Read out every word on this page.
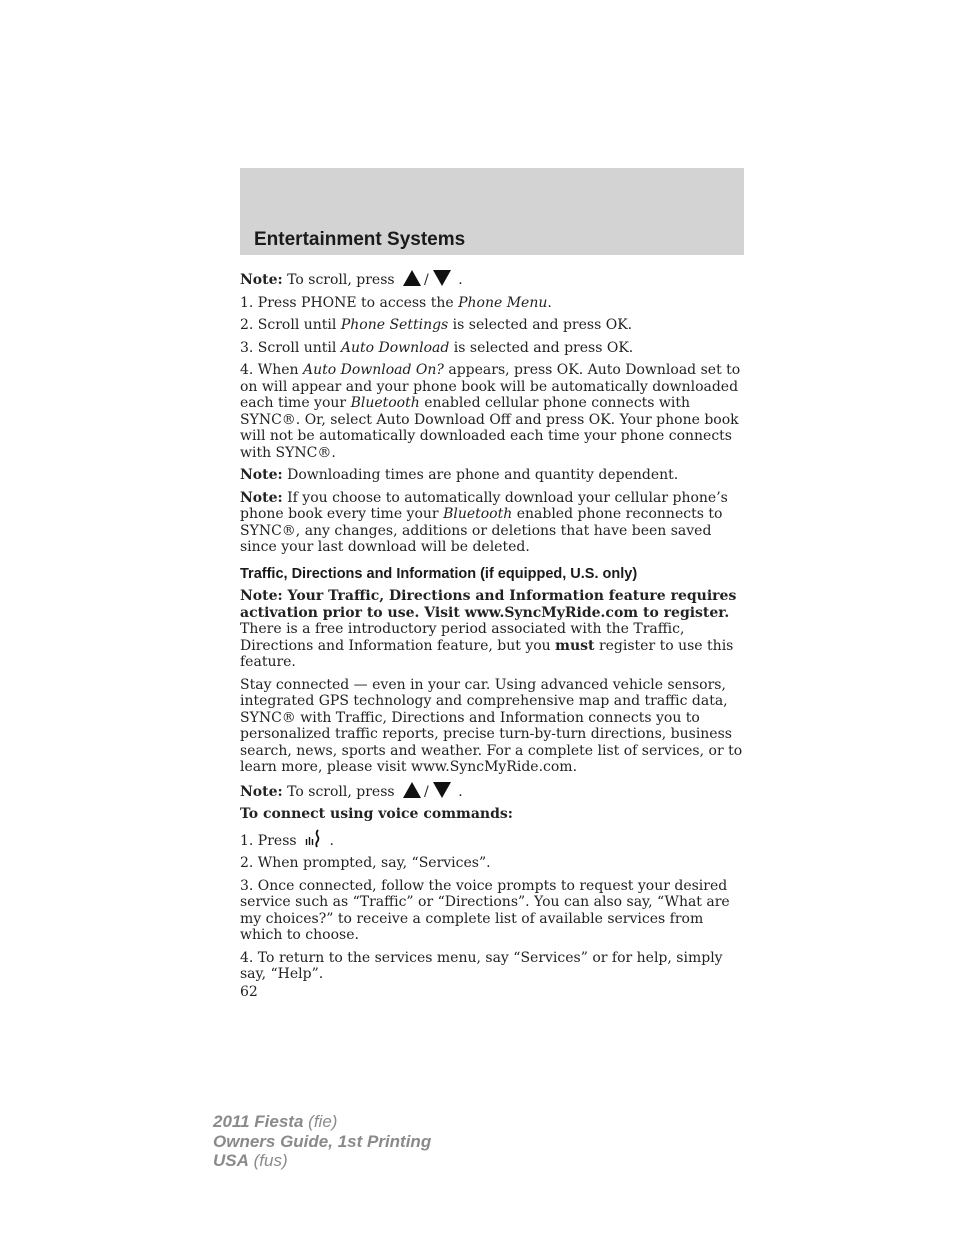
Entertainment Systems

Note: To scroll, press / .

1. Press PHONE to access the Phone Menu.

2. Scroll until Phone Settings is selected and press OK.

3. Scroll until Auto Download is selected and press OK.

4. When Auto Download On? appears, press OK. Auto Download set to on will appear and your phone book will be automatically downloaded each time your Bluetooth enabled cellular phone connects with SYNC®. Or, select Auto Download Off and press OK. Your phone book will not be automatically downloaded each time your phone connects with SYNC®.

Note: Downloading times are phone and quantity dependent.

Note: If you choose to automatically download your cellular phone’s phone book every time your Bluetooth enabled phone reconnects to SYNC®, any changes, additions or deletions that have been saved since your last download will be deleted.

Traffic, Directions and Information (if equipped, U.S. only)

Note: Your Traffic, Directions and Information feature requires activation prior to use. Visit www.SyncMyRide.com to register. There is a free introductory period associated with the Traffic, Directions and Information feature, but you must register to use this feature.

Stay connected — even in your car. Using advanced vehicle sensors, integrated GPS technology and comprehensive map and traffic data, SYNC® with Traffic, Directions and Information connects you to personalized traffic reports, precise turn-by-turn directions, business search, news, sports and weather. For a complete list of services, or to learn more, please visit www.SyncMyRide.com.

Note: To scroll, press / .

To connect using voice commands:

1. Press .

2. When prompted, say, “Services”.

3. Once connected, follow the voice prompts to request your desired service such as “Traffic” or “Directions”. You can also say, “What are my choices?” to receive a complete list of available services from which to choose.

4. To return to the services menu, say “Services” or for help, simply say, “Help”.

62

2011 Fiesta (fie)
Owners Guide, 1st Printing
USA (fus)
